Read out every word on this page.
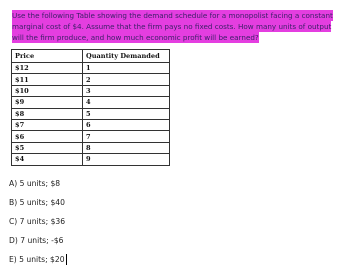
Use the following Table showing the demand schedule for a monopolist facing a constant marginal cost of $4. Assume that the firm pays no fixed costs. How many units of output will the firm produce, and how much economic profit will be earned?
Price	Quantity Demanded
$12	1
$11	2
$10	3
$9	4
$8	5
$7	6
$6	7
$5	8
$4	9
A) 5 units; $8
B) 5 units; $40
C) 7 units; $36
D) 7 units; -$6
E) 5 units; $20
